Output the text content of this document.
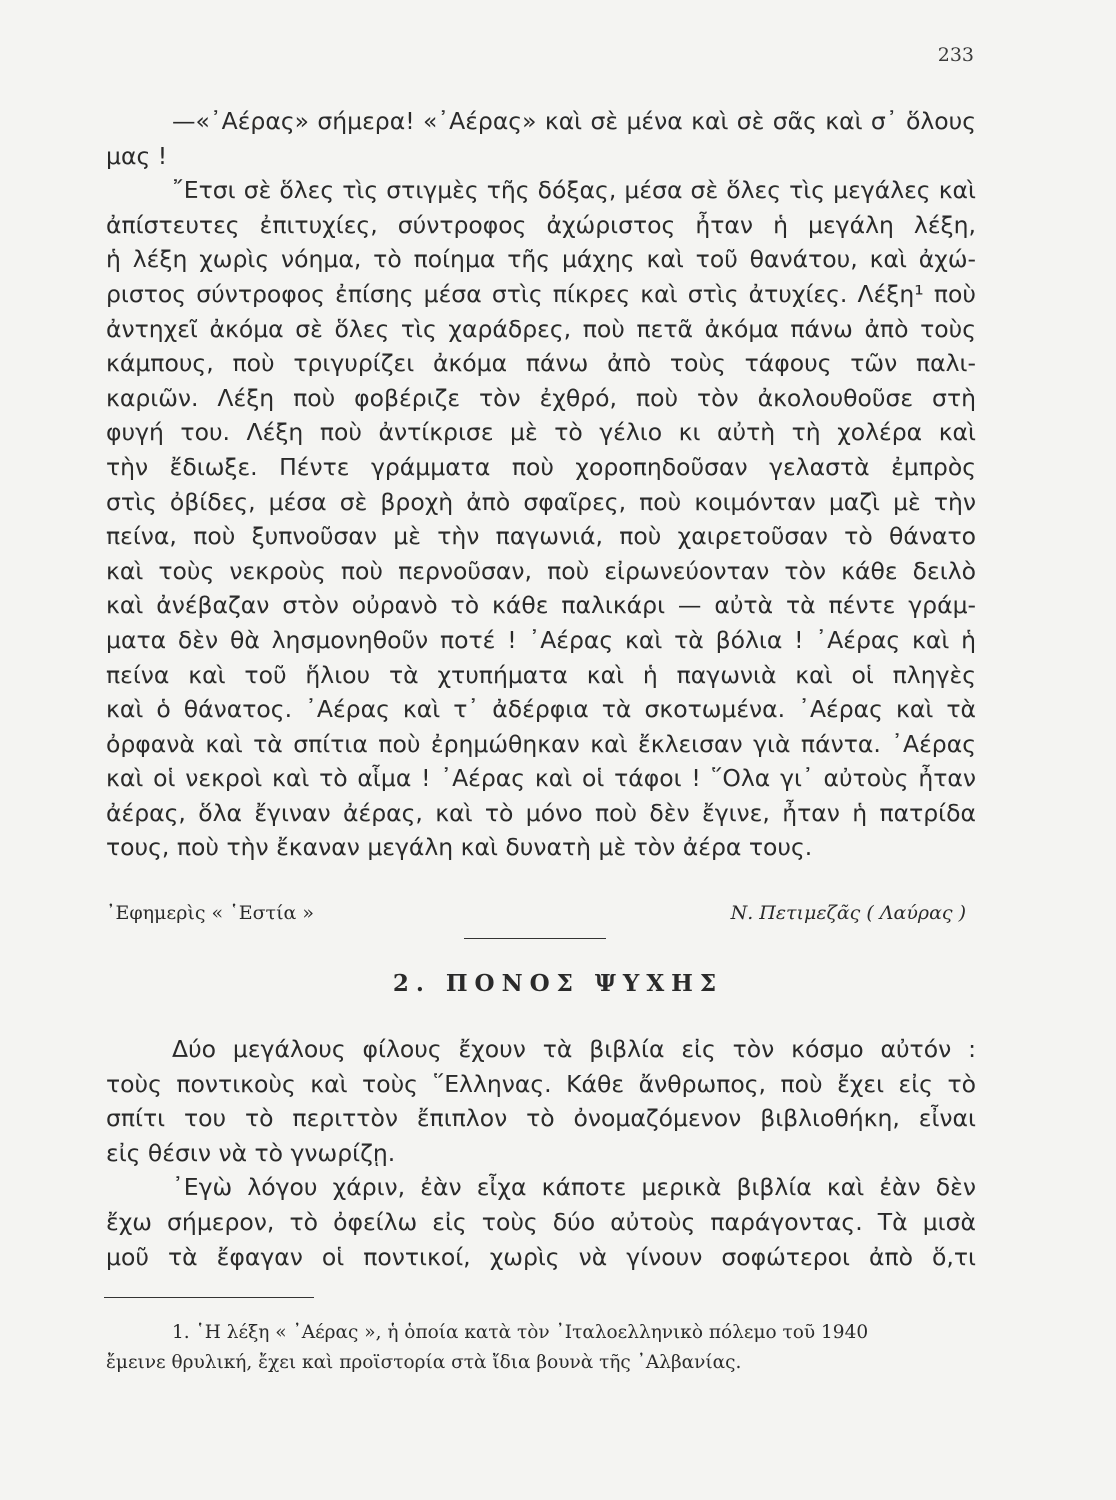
233
—«᾿Αέρας» σήμερα! «᾿Αέρας» καὶ σὲ μένα καὶ σὲ σᾶς καὶ σ᾿ ὅλους
μας !
῎Ετσι σὲ ὅλες τὶς στιγμὲς τῆς δόξας, μέσα σὲ ὅλες τὶς μεγάλες καὶ
ἀπίστευτες ἐπιτυχίες, σύντροφος ἀχώριστος ἦταν ἡ μεγάλη λέξη,
ἡ λέξη χωρὶς νόημα, τὸ ποίημα τῆς μάχης καὶ τοῦ θανάτου, καὶ ἀχώ-
ριστος σύντροφος ἐπίσης μέσα στὶς πίκρες καὶ στὶς ἀτυχίες. Λέξη¹ ποὺ
ἀντηχεῖ ἀκόμα σὲ ὅλες τὶς χαράδρες, ποὺ πετᾶ ἀκόμα πάνω ἀπὸ τοὺς
κάμπους, ποὺ τριγυρίζει ἀκόμα πάνω ἀπὸ τοὺς τάφους τῶν παλι-
καριῶν. Λέξη ποὺ φοβέριζε τὸν ἐχθρό, ποὺ τὸν ἀκολουθοῦσε στὴ
φυγή του. Λέξη ποὺ ἀντίκρισε μὲ τὸ γέλιο κι αὐτὴ τὴ χολέρα καὶ
τὴν ἔδιωξε. Πέντε γράμματα ποὺ χοροπηδοῦσαν γελαστὰ ἐμπρὸς
στὶς ὀβίδες, μέσα σὲ βροχὴ ἀπὸ σφαῖρες, ποὺ κοιμόνταν μαζὶ μὲ τὴν
πείνα, ποὺ ξυπνοῦσαν μὲ τὴν παγωνιά, ποὺ χαιρετοῦσαν τὸ θάνατο
καὶ τοὺς νεκροὺς ποὺ περνοῦσαν, ποὺ εἰρωνεύονταν τὸν κάθε δειλὸ
καὶ ἀνέβαζαν στὸν οὐρανὸ τὸ κάθε παλικάρι — αὐτὰ τὰ πέντε γράμ-
ματα δὲν θὰ λησμονηθοῦν ποτέ ! ᾿Αέρας καὶ τὰ βόλια ! ᾿Αέρας καὶ ἡ
πείνα καὶ τοῦ ἥλιου τὰ χτυπήματα καὶ ἡ παγωνιὰ καὶ οἱ πληγὲς
καὶ ὁ θάνατος. ᾿Αέρας καὶ τ᾿ ἀδέρφια τὰ σκοτωμένα. ᾿Αέρας καὶ τὰ
ὀρφανὰ καὶ τὰ σπίτια ποὺ ἐρημώθηκαν καὶ ἔκλεισαν γιὰ πάντα. ᾿Αέρας
καὶ οἱ νεκροὶ καὶ τὸ αἷμα ! ᾿Αέρας καὶ οἱ τάφοι ! ῞Ολα γι᾿ αὐτοὺς ἦταν
ἀέρας, ὅλα ἔγιναν ἀέρας, καὶ τὸ μόνο ποὺ δὲν ἔγινε, ἦταν ἡ πατρίδα
τους, ποὺ τὴν ἔκαναν μεγάλη καὶ δυνατὴ μὲ τὸν ἀέρα τους.
᾿Εφημερὶς « ῾Εστία »	Ν. Πετιμεζᾶς ( Λαύρας )
2. ΠΟΝΟΣ ΨΥΧΗΣ
Δύο μεγάλους φίλους ἔχουν τὰ βιβλία εἰς τὸν κόσμο αὐτόν :
τοὺς ποντικοὺς καὶ τοὺς ῞Ελληνας. Κάθε ἄνθρωπος, ποὺ ἔχει εἰς τὸ
σπίτι του τὸ περιττὸν ἔπιπλον τὸ ὀνομαζόμενον βιβλιοθήκη, εἶναι
εἰς θέσιν νὰ τὸ γνωρίζῃ.
᾿Εγὼ λόγου χάριν, ἐὰν εἶχα κάποτε μερικὰ βιβλία καὶ ἐὰν δὲν
ἔχω σήμερον, τὸ ὀφείλω εἰς τοὺς δύο αὐτοὺς παράγοντας. Τὰ μισὰ
μοῦ τὰ ἔφαγαν οἱ ποντικοί, χωρὶς νὰ γίνουν σοφώτεροι ἀπὸ ὅ,τι
1. ῾Η λέξη « ᾿Αέρας », ἡ ὁποία κατὰ τὸν ᾿Ιταλοελληνικὸ πόλεμο τοῦ 1940
ἔμεινε θρυλική, ἔχει καὶ προϊστορία στὰ ἴδια βουνὰ τῆς ᾿Αλβανίας.
